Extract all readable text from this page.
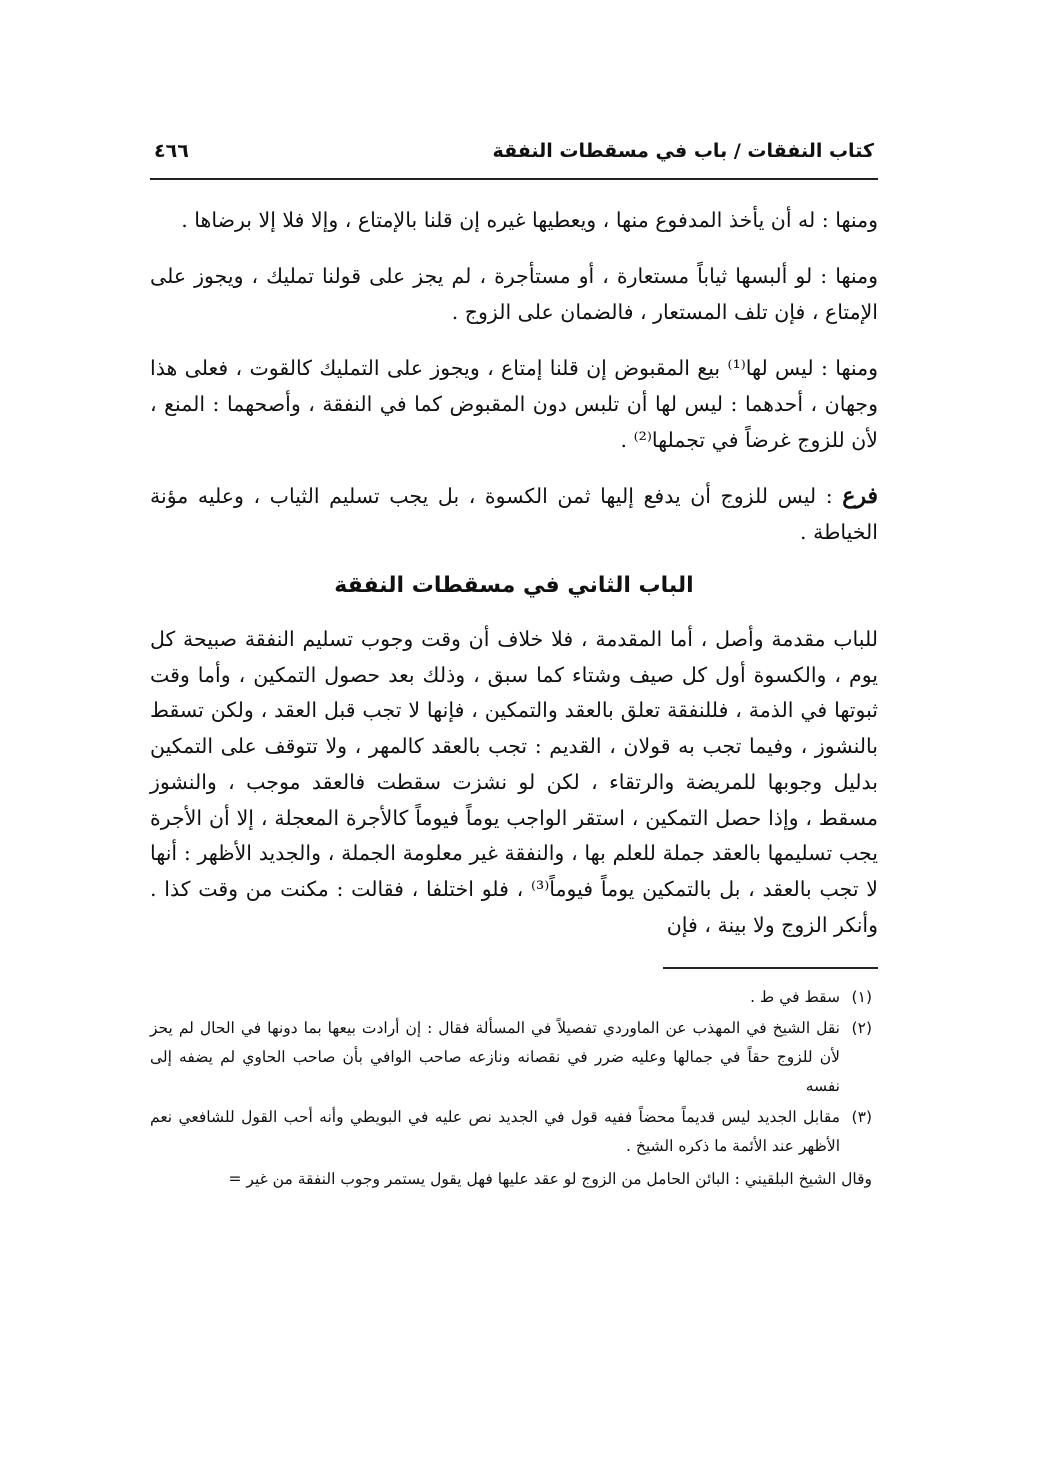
كتاب النفقات / باب في مسقطات النفقة
٤٦٦

ومنها : له أن يأخذ المدفوع منها ، ويعطيها غيره إن قلنا بالإمتاع ، وإلا فلا إلا برضاها .

ومنها : لو ألبسها ثياباً مستعارة ، أو مستأجرة ، لم يجز على قولنا تمليك ، ويجوز على الإمتاع ، فإن تلف المستعار ، فالضمان على الزوج .

ومنها : ليس لها⁽¹⁾ بيع المقبوض إن قلنا إمتاع ، ويجوز على التمليك كالقوت ، فعلى هذا وجهان ، أحدهما : ليس لها أن تلبس دون المقبوض كما في النفقة ، وأصحهما : المنع ، لأن للزوج غرضاً في تجملها⁽²⁾ .

فرع : ليس للزوج أن يدفع إليها ثمن الكسوة ، بل يجب تسليم الثياب ، وعليه مؤنة الخياطة .

الباب الثاني في مسقطات النفقة

للباب مقدمة وأصل ، أما المقدمة ، فلا خلاف أن وقت وجوب تسليم النفقة صبيحة كل يوم ، والكسوة أول كل صيف وشتاء كما سبق ، وذلك بعد حصول التمكين ، وأما وقت ثبوتها في الذمة ، فللنفقة تعلق بالعقد والتمكين ، فإنها لا تجب قبل العقد ، ولكن تسقط بالنشوز ، وفيما تجب به قولان ، القديم : تجب بالعقد كالمهر ، ولا تتوقف على التمكين بدليل وجوبها للمريضة والرتقاء ، لكن لو نشزت سقطت فالعقد موجب ، والنشوز مسقط ، وإذا حصل التمكين ، استقر الواجب يوماً فيوماً كالأجرة المعجلة ، إلا أن الأجرة يجب تسليمها بالعقد جملة للعلم بها ، والنفقة غير معلومة الجملة ، والجديد الأظهر : أنها لا تجب بالعقد ، بل بالتمكين يوماً فيوماً⁽³⁾ ، فلو اختلفا ، فقالت : مكنت من وقت كذا . وأنكر الزوج ولا بينة ، فإن

(١)
سقط في ط .
(٢)
نقل الشيخ في المهذب عن الماوردي تفصيلاً في المسألة فقال : إن أرادت بيعها بما دونها في الحال لم يحز لأن للزوج حقاً في جمالها وعليه ضرر في نقصانه ونازعه صاحب الوافي بأن صاحب الحاوي لم يضفه إلى نفسه
(٣)
مقابل الجديد ليس قديماً محضاً ففيه قول في الجديد نص عليه في البويطي وأنه أحب القول للشافعي نعم الأظهر عند الأئمة ما ذكره الشيخ .
وقال الشيخ البلقيني : البائن الحامل من الزوج لو عقد عليها فهل يقول يستمر وجوب النفقة من غير =
